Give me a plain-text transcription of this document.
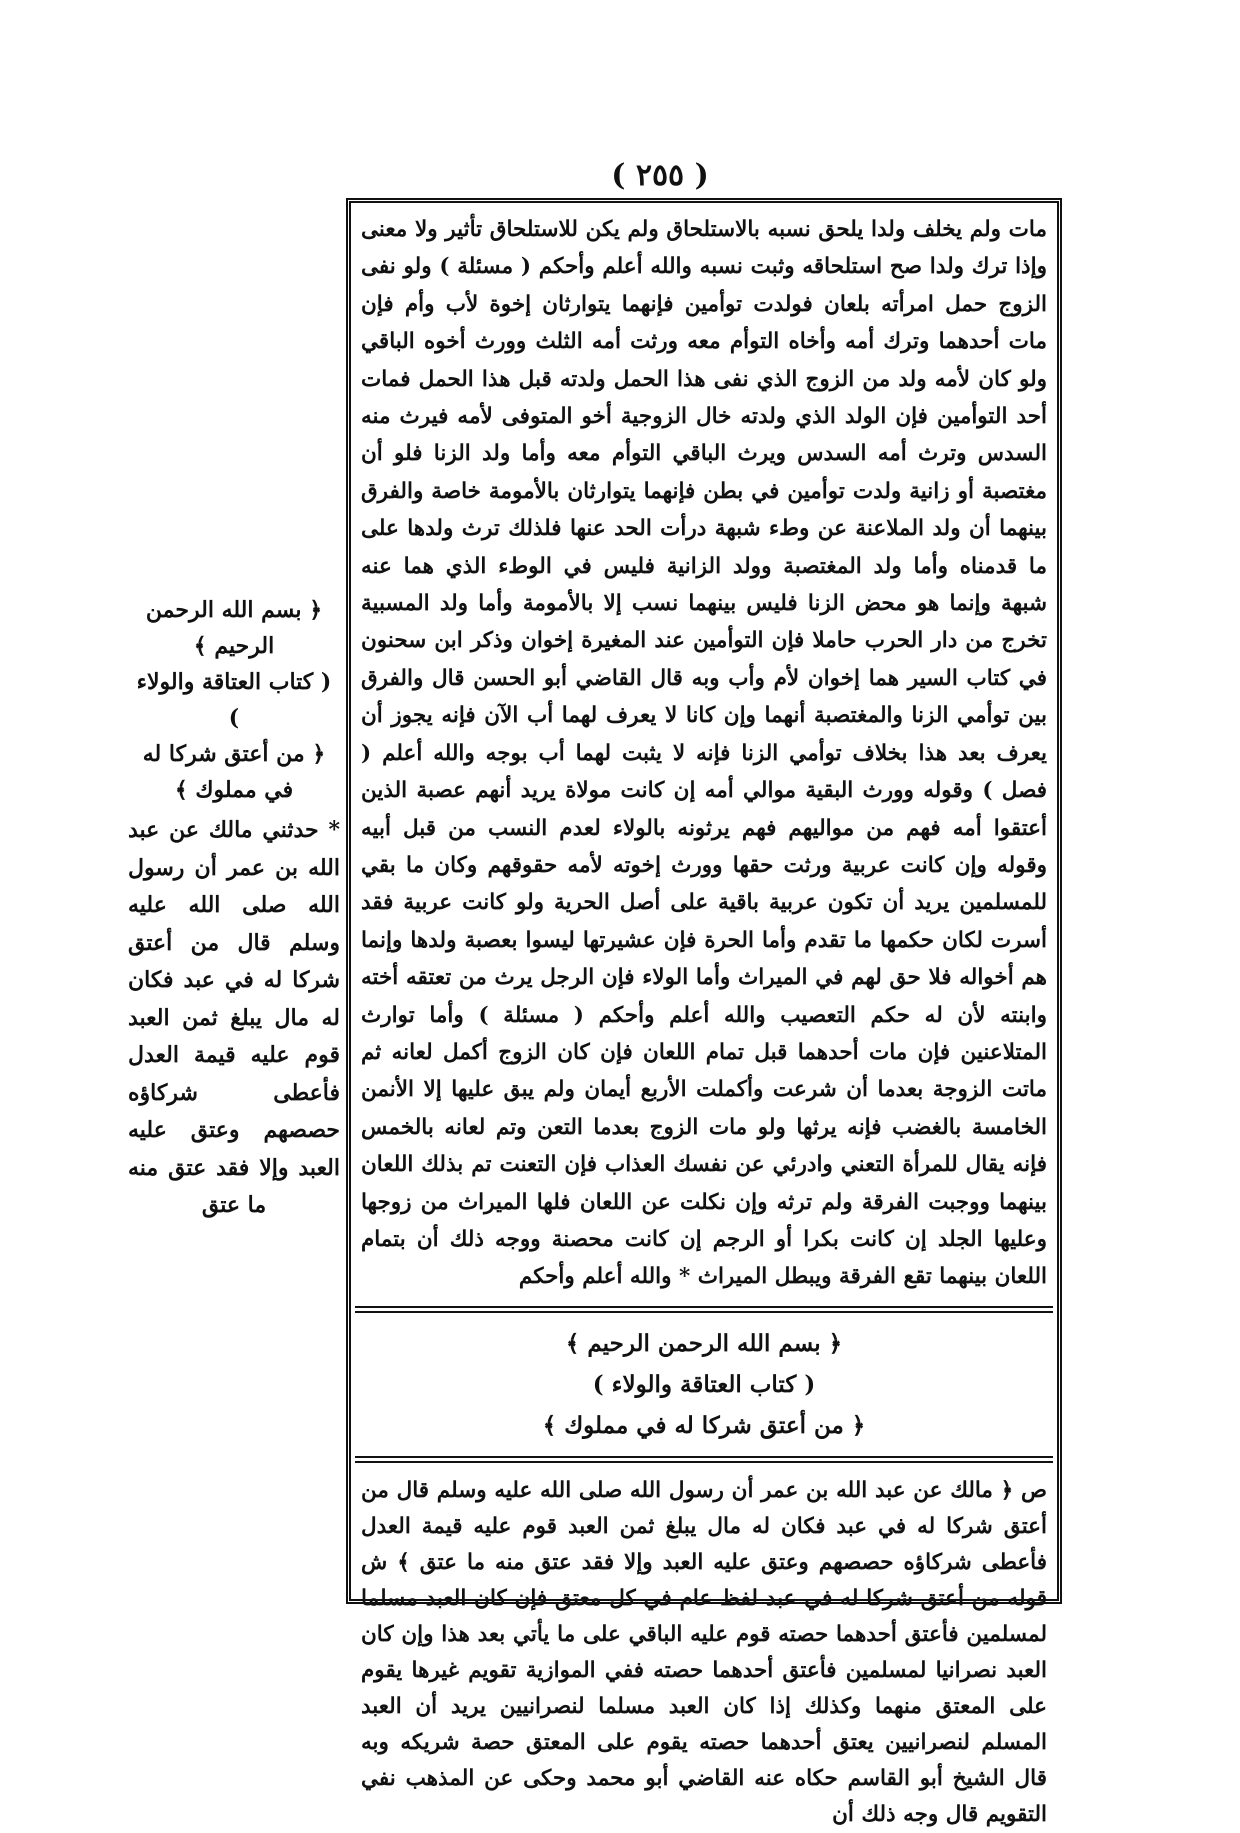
( ٢٥٥ )
﴿ بسم الله الرحمن الرحيم ﴾
( كتاب العتاقة والولاء )
﴿ من أعتق شركا له في مملوك ﴾
* حدثني مالك عن عبد الله بن عمر أن رسول الله صلى الله عليه وسلم قال من أعتق شركا له في عبد فكان له مال يبلغ ثمن العبد قوم عليه قيمة العدل فأعطى شركاؤه حصصهم وعتق عليه العبد وإلا فقد عتق منه ما عتق

مات ولم يخلف ولدا يلحق نسبه بالاستلحاق ولم يكن للاستلحاق تأثير ولا معنى وإذا ترك ولدا صح استلحاقه وثبت نسبه والله أعلم وأحكم ( مسئلة ) ولو نفى الزوج حمل امرأته بلعان فولدت توأمين فإنهما يتوارثان إخوة لأب وأم فإن مات أحدهما وترك أمه وأخاه التوأم معه ورثت أمه الثلث وورث أخوه الباقي ولو كان لأمه ولد من الزوج الذي نفى هذا الحمل ولدته قبل هذا الحمل فمات أحد التوأمين فإن الولد الذي ولدته خال الزوجية أخو المتوفى لأمه فيرث منه السدس وترث أمه السدس ويرث الباقي التوأم معه وأما ولد الزنا فلو أن مغتصبة أو زانية ولدت توأمين في بطن فإنهما يتوارثان بالأمومة خاصة والفرق بينهما أن ولد الملاعنة عن وطء شبهة درأت الحد عنها فلذلك ترث ولدها على ما قدمناه وأما ولد المغتصبة وولد الزانية فليس في الوطء الذي هما عنه شبهة وإنما هو محض الزنا فليس بينهما نسب إلا بالأمومة وأما ولد المسبية تخرج من دار الحرب حاملا فإن التوأمين عند المغيرة إخوان وذكر ابن سحنون في كتاب السير هما إخوان لأم وأب وبه قال القاضي أبو الحسن قال والفرق بين توأمي الزنا والمغتصبة أنهما وإن كانا لا يعرف لهما أب الآن فإنه يجوز أن يعرف بعد هذا بخلاف توأمي الزنا فإنه لا يثبت لهما أب بوجه والله أعلم ( فصل ) وقوله وورث البقية موالي أمه إن كانت مولاة يريد أنهم عصبة الذين أعتقوا أمه فهم من مواليهم فهم يرثونه بالولاء لعدم النسب من قبل أبيه وقوله وإن كانت عربية ورثت حقها وورث إخوته لأمه حقوقهم وكان ما بقي للمسلمين يريد أن تكون عربية باقية على أصل الحرية ولو كانت عربية فقد أسرت لكان حكمها ما تقدم وأما الحرة فإن عشيرتها ليسوا بعصبة ولدها وإنما هم أخواله فلا حق لهم في الميراث وأما الولاء فإن الرجل يرث من تعتقه أخته وابنته لأن له حكم التعصيب والله أعلم وأحكم ( مسئلة ) وأما توارث المتلاعنين فإن مات أحدهما قبل تمام اللعان فإن كان الزوج أكمل لعانه ثم ماتت الزوجة بعدما أن شرعت وأكملت الأربع أيمان ولم يبق عليها إلا الأنمن الخامسة بالغضب فإنه يرثها ولو مات الزوج بعدما التعن وتم لعانه بالخمس فإنه يقال للمرأة التعني وادرئي عن نفسك العذاب فإن التعنت تم بذلك اللعان بينهما ووجبت الفرقة ولم ترثه وإن نكلت عن اللعان فلها الميراث من زوجها وعليها الجلد إن كانت بكرا أو الرجم إن كانت محصنة ووجه ذلك أن بتمام اللعان بينهما تقع الفرقة ويبطل الميراث * والله أعلم وأحكم

﴿ بسم الله الرحمن الرحيم ﴾
( كتاب العتاقة والولاء )
﴿ من أعتق شركا له في مملوك ﴾

ص ﴿ مالك عن عبد الله بن عمر أن رسول الله صلى الله عليه وسلم قال من أعتق شركا له في عبد فكان له مال يبلغ ثمن العبد قوم عليه قيمة العدل فأعطى شركاؤه حصصهم وعتق عليه العبد وإلا فقد عتق منه ما عتق ﴾ ش قوله من أعتق شركا له في عبد لفظ عام في كل معتق فإن كان العبد مسلما لمسلمين فأعتق أحدهما حصته قوم عليه الباقي على ما يأتي بعد هذا وإن كان العبد نصرانيا لمسلمين فأعتق أحدهما حصته ففي الموازية تقويم غيرها يقوم على المعتق منهما وكذلك إذا كان العبد مسلما لنصرانيين يريد أن العبد المسلم لنصرانيين يعتق أحدهما حصته يقوم على المعتق حصة شريكه وبه قال الشيخ أبو القاسم حكاه عنه القاضي أبو محمد وحكى عن المذهب نفي التقويم قال وجه ذلك أن
